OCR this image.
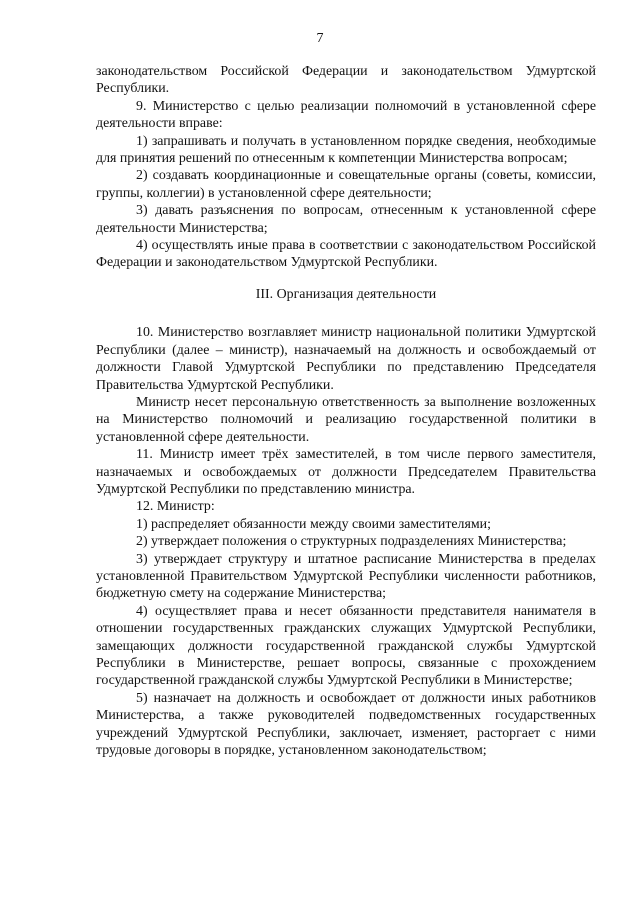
7

законодательством Российской Федерации и законодательством Удмуртской Республики.

9. Министерство с целью реализации полномочий в установленной сфере деятельности вправе:

1) запрашивать и получать в установленном порядке сведения, необходимые для принятия решений по отнесенным к компетенции Министерства вопросам;

2) создавать координационные и совещательные органы (советы, комиссии, группы, коллегии) в установленной сфере деятельности;

3) давать разъяснения по вопросам, отнесенным к установленной сфере деятельности Министерства;

4) осуществлять иные права в соответствии с законодательством Российской Федерации и законодательством Удмуртской Республики.

III. Организация деятельности

10. Министерство возглавляет министр национальной политики Удмуртской Республики (далее – министр), назначаемый на должность и освобождаемый от должности Главой Удмуртской Республики по представлению Председателя Правительства Удмуртской Республики.

Министр несет персональную ответственность за выполнение возложенных на Министерство полномочий и реализацию государственной политики в установленной сфере деятельности.

11. Министр имеет трёх заместителей, в том числе первого заместителя, назначаемых и освобождаемых от должности Председателем Правительства Удмуртской Республики по представлению министра.

12. Министр:

1) распределяет обязанности между своими заместителями;

2) утверждает положения о структурных подразделениях Министерства;

3) утверждает структуру и штатное расписание Министерства в пределах установленной Правительством Удмуртской Республики численности работников, бюджетную смету на содержание Министерства;

4) осуществляет права и несет обязанности представителя нанимателя в отношении государственных гражданских служащих Удмуртской Республики, замещающих должности государственной гражданской службы Удмуртской Республики в Министерстве, решает вопросы, связанные с прохождением государственной гражданской службы Удмуртской Республики в Министерстве;

5) назначает на должность и освобождает от должности иных работников Министерства, а также руководителей подведомственных государственных учреждений Удмуртской Республики, заключает, изменяет, расторгает с ними трудовые договоры в порядке, установленном законодательством;
